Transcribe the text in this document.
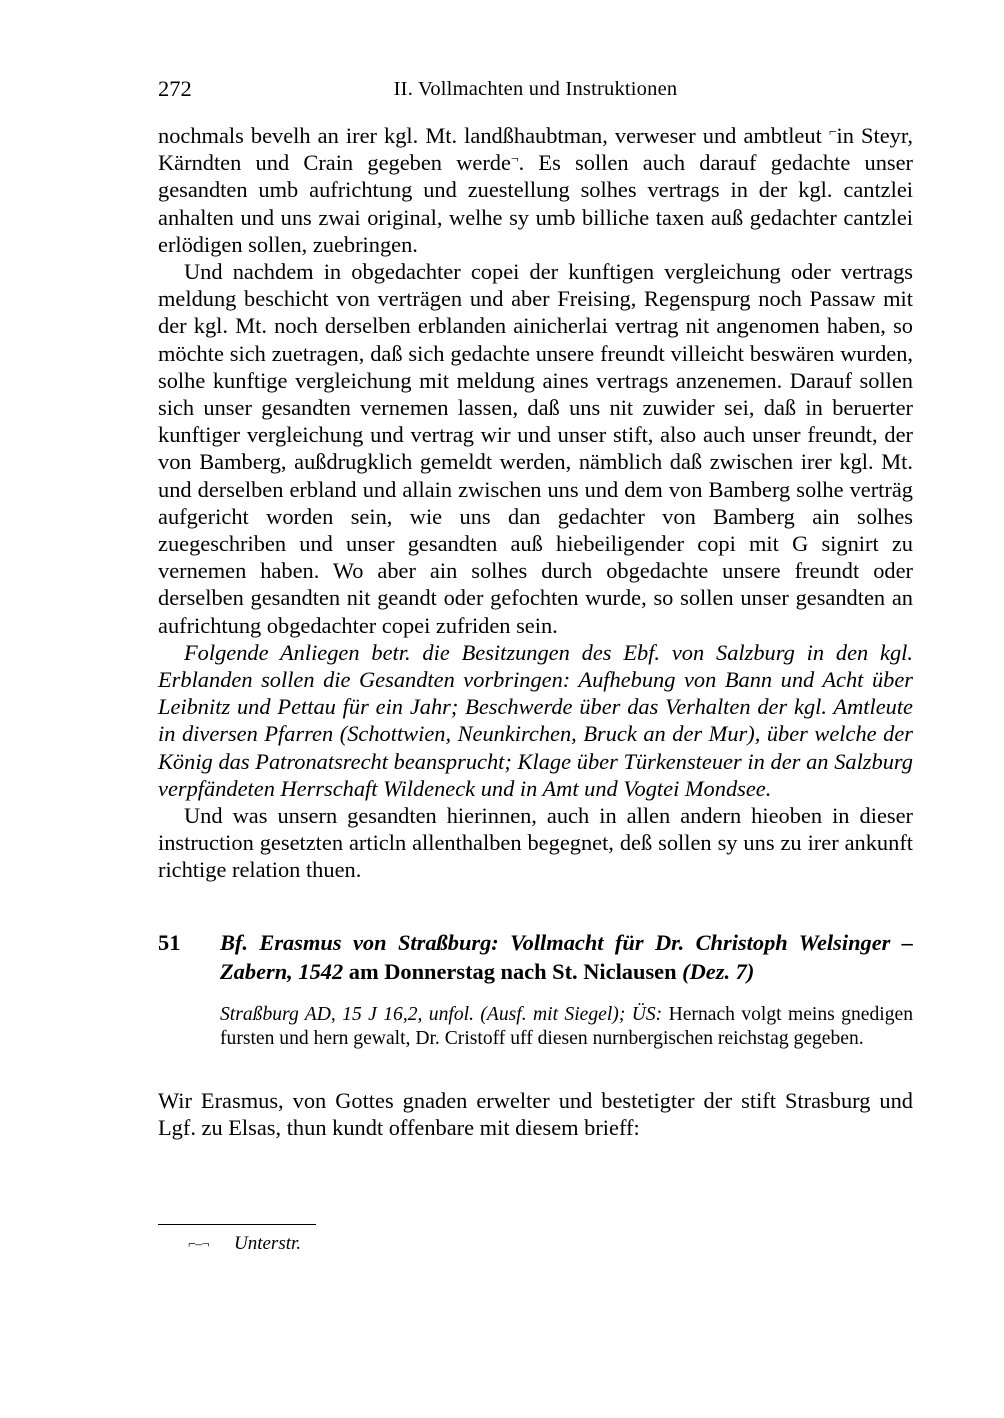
272	II. Vollmachten und Instruktionen

nochmals bevelh an irer kgl. Mt. landßhaubtman, verweser und ambtleut ⌐in Steyr, Kärndten und Crain gegeben werde¬. Es sollen auch darauf gedachte unser gesandten umb aufrichtung und zuestellung solhes vertrags in der kgl. cantzlei anhalten und uns zwai original, welhe sy umb billiche taxen auß gedachter cantzlei erlödigen sollen, zuebringen.

Und nachdem in obgedachter copei der kunftigen vergleichung oder vertrags meldung beschicht von verträgen und aber Freising, Regenspurg noch Passaw mit der kgl. Mt. noch derselben erblanden ainicherlai vertrag nit angenomen haben, so möchte sich zuetragen, daß sich gedachte unsere freundt villeicht beswären wurden, solhe kunftige vergleichung mit meldung aines vertrags anzenemen. Darauf sollen sich unser gesandten vernemen lassen, daß uns nit zuwider sei, daß in beruerter kunftiger vergleichung und vertrag wir und unser stift, also auch unser freundt, der von Bamberg, außdrugklich gemeldt werden, nämblich daß zwischen irer kgl. Mt. und derselben erbland und allain zwischen uns und dem von Bamberg solhe verträg aufgericht worden sein, wie uns dan gedachter von Bamberg ain solhes zuegeschriben und unser gesandten auß hiebeiligender copi mit G signirt zu vernemen haben. Wo aber ain solhes durch obgedachte unsere freundt oder derselben gesandten nit geandt oder gefochten wurde, so sollen unser gesandten an aufrichtung obgedachter copei zufriden sein.

Folgende Anliegen betr. die Besitzungen des Ebf. von Salzburg in den kgl. Erblanden sollen die Gesandten vorbringen: Aufhebung von Bann und Acht über Leibnitz und Pettau für ein Jahr; Beschwerde über das Verhalten der kgl. Amtleute in diversen Pfarren (Schottwien, Neunkirchen, Bruck an der Mur), über welche der König das Patronatsrecht beansprucht; Klage über Türkensteuer in der an Salzburg verpfändeten Herrschaft Wildeneck und in Amt und Vogtei Mondsee.

Und was unsern gesandten hierinnen, auch in allen andern hieoben in dieser instruction gesetzten articln allenthalben begegnet, deß sollen sy uns zu irer ankunft richtige relation thuen.

51	Bf. Erasmus von Straßburg: Vollmacht für Dr. Christoph Welsinger – Zabern, 1542 am Donnerstag nach St. Niclausen (Dez. 7)
Straßburg AD, 15 J 16,2, unfol. (Ausf. mit Siegel); ÜS: Hernach volgt meins gnedigen fursten und hern gewalt, Dr. Cristoff uff diesen nurnbergischen reichstag gegeben.

Wir Erasmus, von Gottes gnaden erwelter und bestetigter der stift Strasburg und Lgf. zu Elsas, thun kundt offenbare mit diesem brieff:

⌐–¬ Unterstr.
